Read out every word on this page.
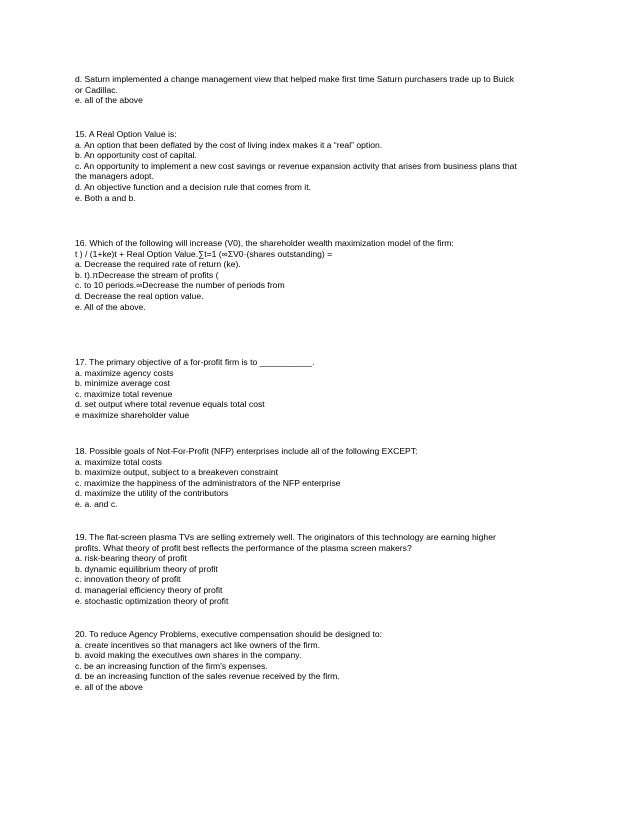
d. Saturn implemented a change management view that helped make first time Saturn purchasers trade up to Buick
or Cadillac.
e. all of the above
15. A Real Option Value is:
a. An option that been deflated by the cost of living index makes it a “real” option.
b. An opportunity cost of capital.
c. An opportunity to implement a new cost savings or revenue expansion activity that arises from business plans that
the managers adopt.
d. An objective function and a decision rule that comes from it.
e. Both a and b.
16. Which of the following will increase (V0), the shareholder wealth maximization model of the firm:
t ) / (1+ke)t + Real Option Value.∑t=1 (∞ΣV0·(shares outstanding) =
a. Decrease the required rate of return (ke).
b. t).πDecrease the stream of profits (
c. to 10 periods.∞Decrease the number of periods from
d. Decrease the real option value.
e. All of the above.
17. The primary objective of a for-profit firm is to ___________.
a. maximize agency costs
b. minimize average cost
c. maximize total revenue
d. set output where total revenue equals total cost
e maximize shareholder value
18. Possible goals of Not-For-Profit (NFP) enterprises include all of the following EXCEPT:
a. maximize total costs
b. maximize output, subject to a breakeven constraint
c. maximize the happiness of the administrators of the NFP enterprise
d. maximize the utility of the contributors
e. a. and c.
19. The flat-screen plasma TVs are selling extremely well. The originators of this technology are earning higher
profits. What theory of profit best reflects the performance of the plasma screen makers?
a. risk-bearing theory of profit
b. dynamic equilibrium theory of profit
c. innovation theory of profit
d. managerial efficiency theory of profit
e. stochastic optimization theory of profit
20. To reduce Agency Problems, executive compensation should be designed to:
a. create incentives so that managers act like owners of the firm.
b. avoid making the executives own shares in the company.
c. be an increasing function of the firm's expenses.
d. be an increasing function of the sales revenue received by the firm.
e. all of the above
